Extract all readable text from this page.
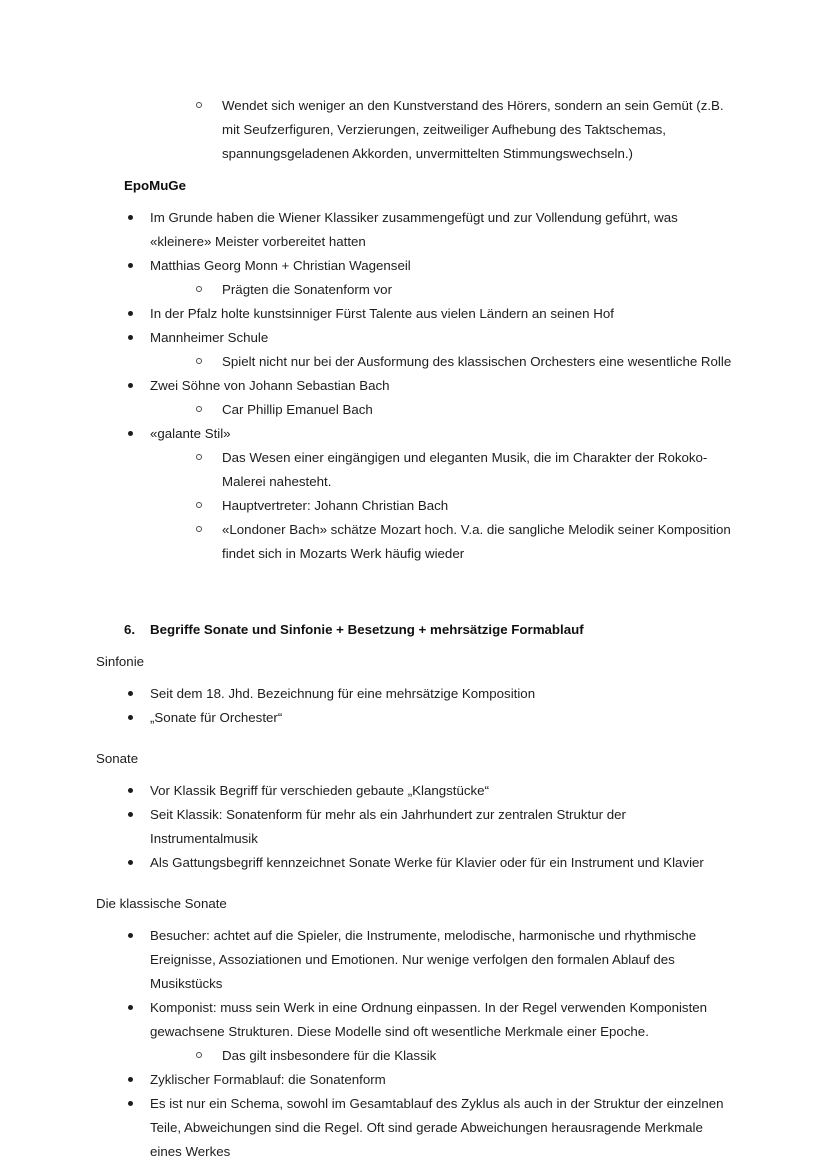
Wendet sich weniger an den Kunstverstand des Hörers, sondern an sein Gemüt (z.B. mit Seufzerfiguren, Verzierungen, zeitweiliger Aufhebung des Taktschemas, spannungsgeladenen Akkorden, unvermittelten Stimmungswechseln.)

EpoMuGe

Im Grunde haben die Wiener Klassiker zusammengefügt und zur Vollendung geführt, was «kleinere» Meister vorbereitet hatten
Matthias Georg Monn + Christian Wagenseil
Prägten die Sonatenform vor
In der Pfalz holte kunstsinniger Fürst Talente aus vielen Ländern an seinen Hof
Mannheimer Schule
Spielt nicht nur bei der Ausformung des klassischen Orchesters eine wesentliche Rolle
Zwei Söhne von Johann Sebastian Bach
Car Phillip Emanuel Bach
«galante Stil»
Das Wesen einer eingängigen und eleganten Musik, die im Charakter der Rokoko-Malerei nahesteht.
Hauptvertreter: Johann Christian Bach
«Londoner Bach» schätze Mozart hoch. V.a. die sangliche Melodik seiner Komposition findet sich in Mozarts Werk häufig wieder

6. Begriffe Sonate und Sinfonie + Besetzung + mehrsätzige Formablauf

Sinfonie

Seit dem 18. Jhd. Bezeichnung für eine mehrsätzige Komposition
„Sonate für Orchester“

Sonate

Vor Klassik Begriff für verschieden gebaute „Klangstücke“
Seit Klassik: Sonatenform für mehr als ein Jahrhundert zur zentralen Struktur der Instrumentalmusik
Als Gattungsbegriff kennzeichnet Sonate Werke für Klavier oder für ein Instrument und Klavier

Die klassische Sonate

Besucher: achtet auf die Spieler, die Instrumente, melodische, harmonische und rhythmische Ereignisse, Assoziationen und Emotionen. Nur wenige verfolgen den formalen Ablauf des Musikstücks
Komponist: muss sein Werk in eine Ordnung einpassen. In der Regel verwenden Komponisten gewachsene Strukturen. Diese Modelle sind oft wesentliche Merkmale einer Epoche.
Das gilt insbesondere für die Klassik
Zyklischer Formablauf: die Sonatenform
Es ist nur ein Schema, sowohl im Gesamtablauf des Zyklus als auch in der Struktur der einzelnen Teile, Abweichungen sind die Regel. Oft sind gerade Abweichungen herausragende Merkmale eines Werkes
